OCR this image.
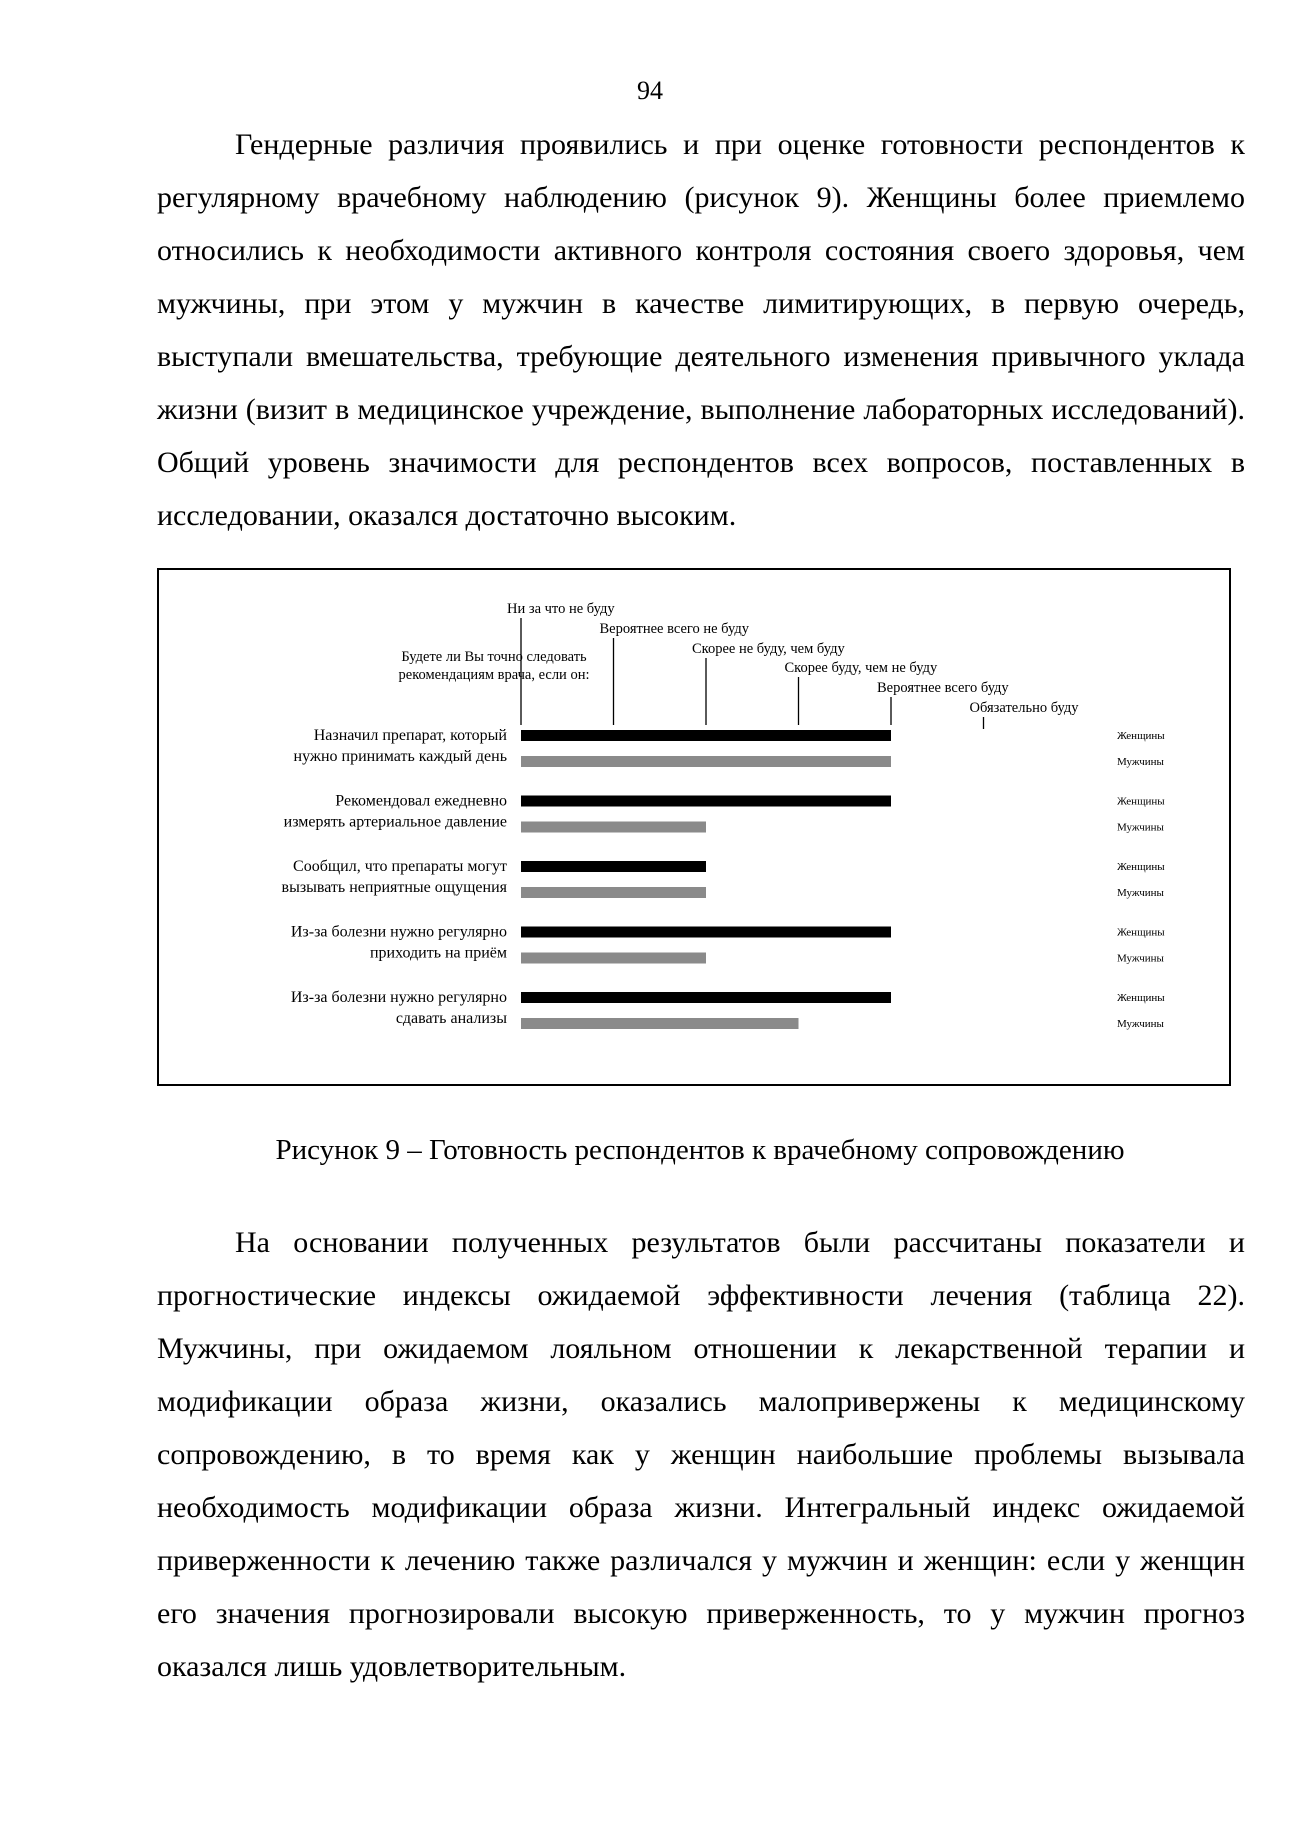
94

Гендерные различия проявились и при оценке готовности респондентов к регулярному врачебному наблюдению (рисунок 9). Женщины более приемлемо относились к необходимости активного контроля состояния своего здоровья, чем мужчины, при этом у мужчин в качестве лимитирующих, в первую очередь, выступали вмешательства, требующие деятельного изменения привычного уклада жизни (визит в медицинское учреждение, выполнение лабораторных исследований). Общий уровень значимости для респондентов всех вопросов, поставленных в исследовании, оказался достаточно высоким.

Будете ли Вы точно следовать
рекомендациям врача, если он:
Ни за что не буду
Вероятнее всего не буду
Скорее не буду, чем буду
Скорее буду, чем не буду
Вероятнее всего буду
Обязательно буду
Назначил препарат, который
нужно принимать каждый день
Женщины
Мужчины
Рекомендовал ежедневно
измерять артериальное давление
Женщины
Мужчины
Сообщил, что препараты могут
вызывать неприятные ощущения
Женщины
Мужчины
Из-за болезни нужно регулярно
приходить на приём
Женщины
Мужчины
Из-за болезни нужно регулярно
сдавать анализы
Женщины
Мужчины
Рисунок 9 – Готовность респондентов к врачебному сопровождению

На основании полученных результатов были рассчитаны показатели и прогностические индексы ожидаемой эффективности лечения (таблица 22). Мужчины, при ожидаемом лояльном отношении к лекарственной терапии и модификации образа жизни, оказались малопривержены к медицинскому сопровождению, в то время как у женщин наибольшие проблемы вызывала необходимость модификации образа жизни. Интегральный индекс ожидаемой приверженности к лечению также различался у мужчин и женщин: если у женщин его значения прогнозировали высокую приверженность, то у мужчин прогноз оказался лишь удовлетворительным.
